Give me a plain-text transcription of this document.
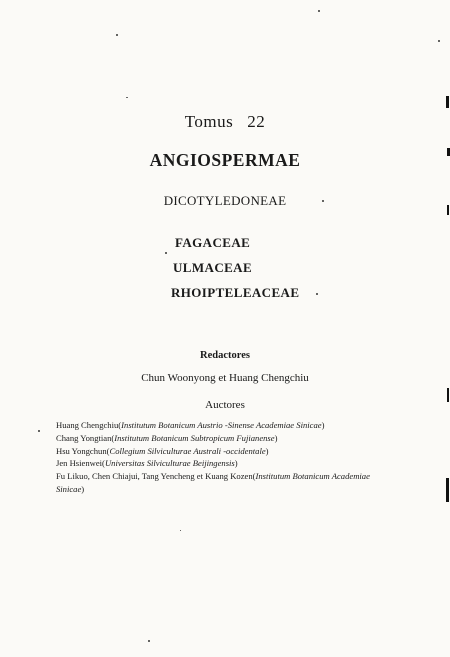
Tomus 22
ANGIOSPERMAE
DICOTYLEDONEAE
FAGACEAE
ULMACEAE
RHOIPTELEACEAE
Redactores
Chun Woonyong et Huang Chengchiu
Auctores
Huang Chengchiu(Institutum Botanicum Austrio -Sinense Academiae Sinicae)
Chang Yongtian(Institutum Botanicum Subtropicum Fujianense)
Hsu Yongchun(Collegium Silviculturae Australi -occidentale)
Jen Hsienwei(Universitas Silviculturae Beijingensis)
Fu Likuo, Chen Chiajui, Tang Yencheng et Kuang Kozen(Institutum Botanicum Academiae
Sinicae)
